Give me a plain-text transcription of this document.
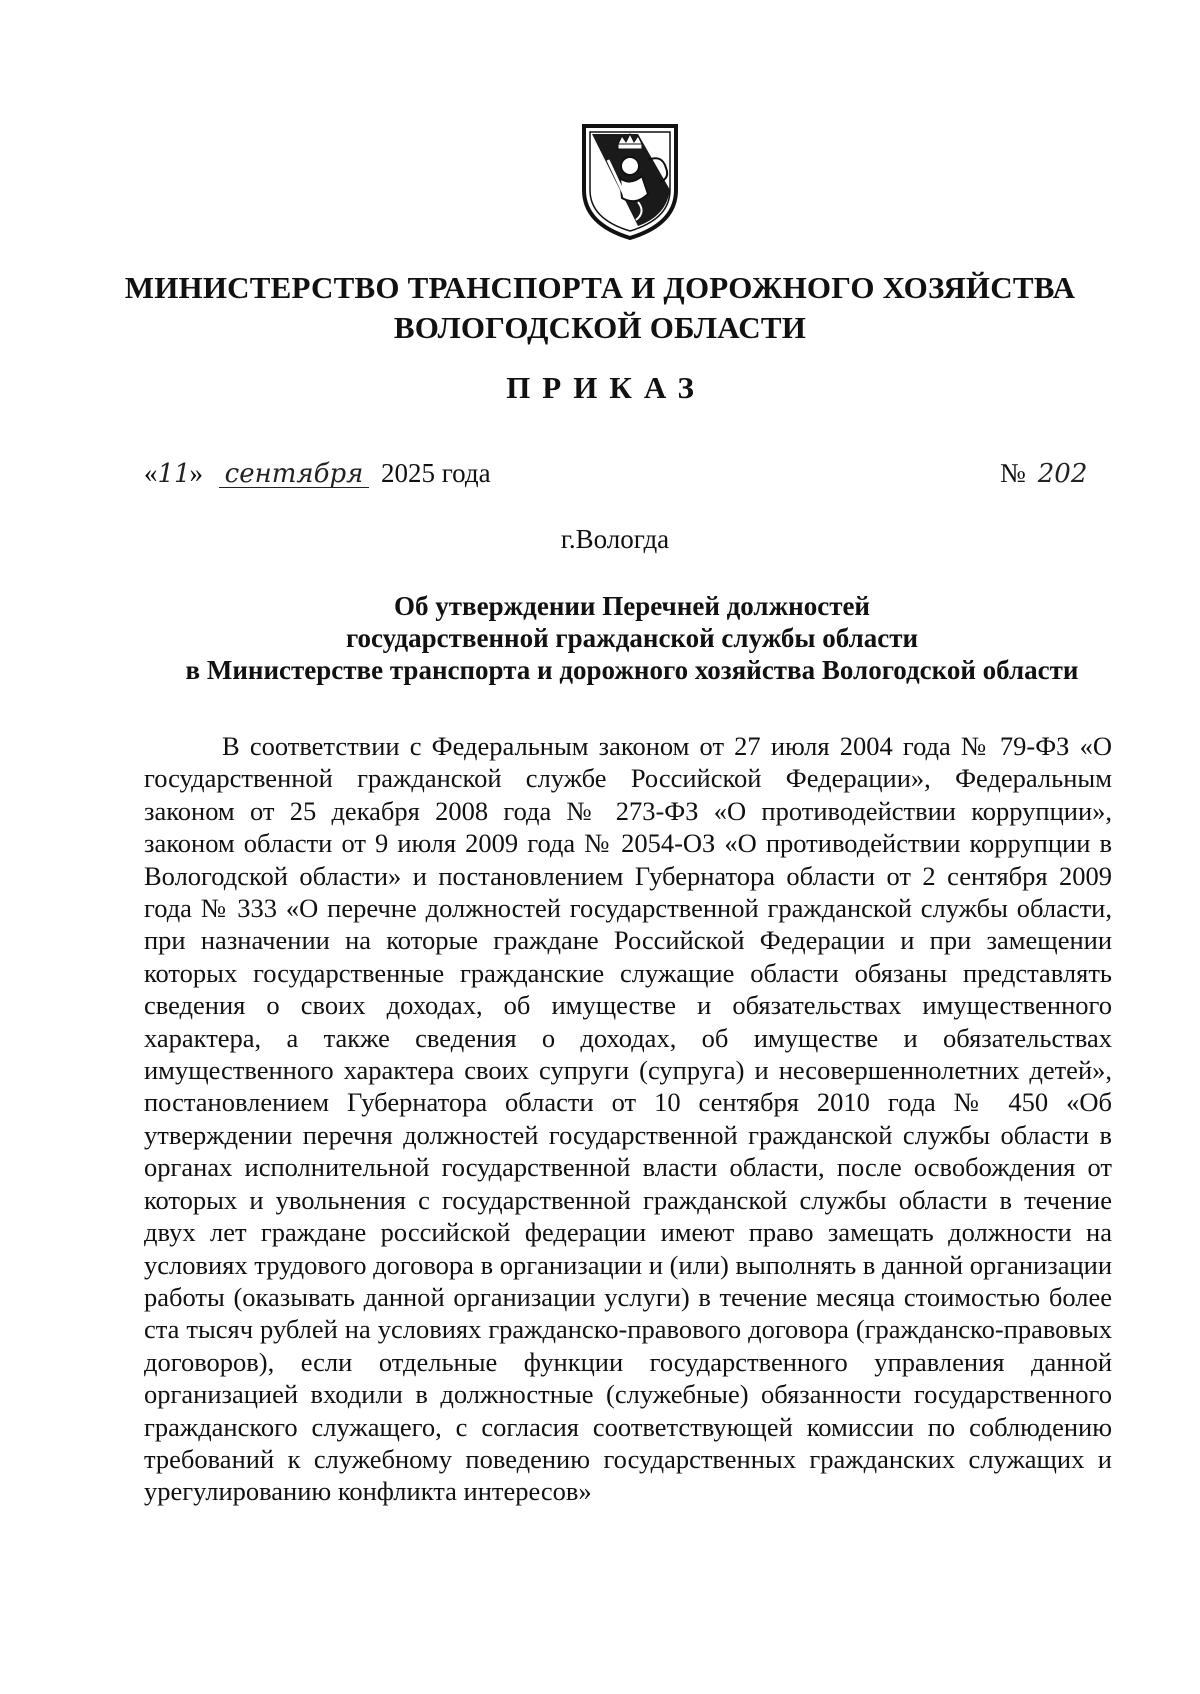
МИНИСТЕРСТВО ТРАНСПОРТА И ДОРОЖНОГО ХОЗЯЙСТВА

ВОЛОГОДСКОЙ ОБЛАСТИ
ПРИКАЗ
« 11
» сентября 2025 года	№ 202
г.Вологда
Об утверждении Перечней должностей
государственной гражданской службы области
в Министерстве транспорта и дорожного хозяйства Вологодской области

В соответствии с Федеральным законом от 27 июля 2004 года № 79-ФЗ «О государственной гражданской службе Российской Федерации», Федеральным законом от 25 декабря 2008 года № 273-ФЗ «О противодействии коррупции», законом области от 9 июля 2009 года № 2054-ОЗ «О противодействии коррупции в Вологодской области» и постановлением Губернатора области от 2 сентября 2009 года № 333 «О перечне должностей государственной гражданской службы области, при назначении на которые граждане Российской Федерации и при замещении которых государственные гражданские служащие области обязаны представлять сведения о своих доходах, об имуществе и обязательствах имущественного характера, а также сведения о доходах, об имуществе и обязательствах имущественного характера своих супруги (супруга) и несовершеннолетних детей», постановлением Губернатора области от 10 сентября 2010 года № 450 «Об утверждении перечня должностей государственной гражданской службы области в органах исполнительной государственной власти области, после освобождения от которых и увольнения с государственной гражданской службы области в течение двух лет граждане российской федерации имеют право замещать должности на условиях трудового договора в организации и (или) выполнять в данной организации работы (оказывать данной организации услуги) в течение месяца стоимостью более ста тысяч рублей на условиях гражданско-правового договора (гражданско-правовых договоров), если отдельные функции государственного управления данной организацией входили в должностные (служебные) обязанности государственного гражданского служащего, с согласия соответствующей комиссии по соблюдению требований к служебному поведению государственных гражданских служащих и урегулированию конфликта интересов»
